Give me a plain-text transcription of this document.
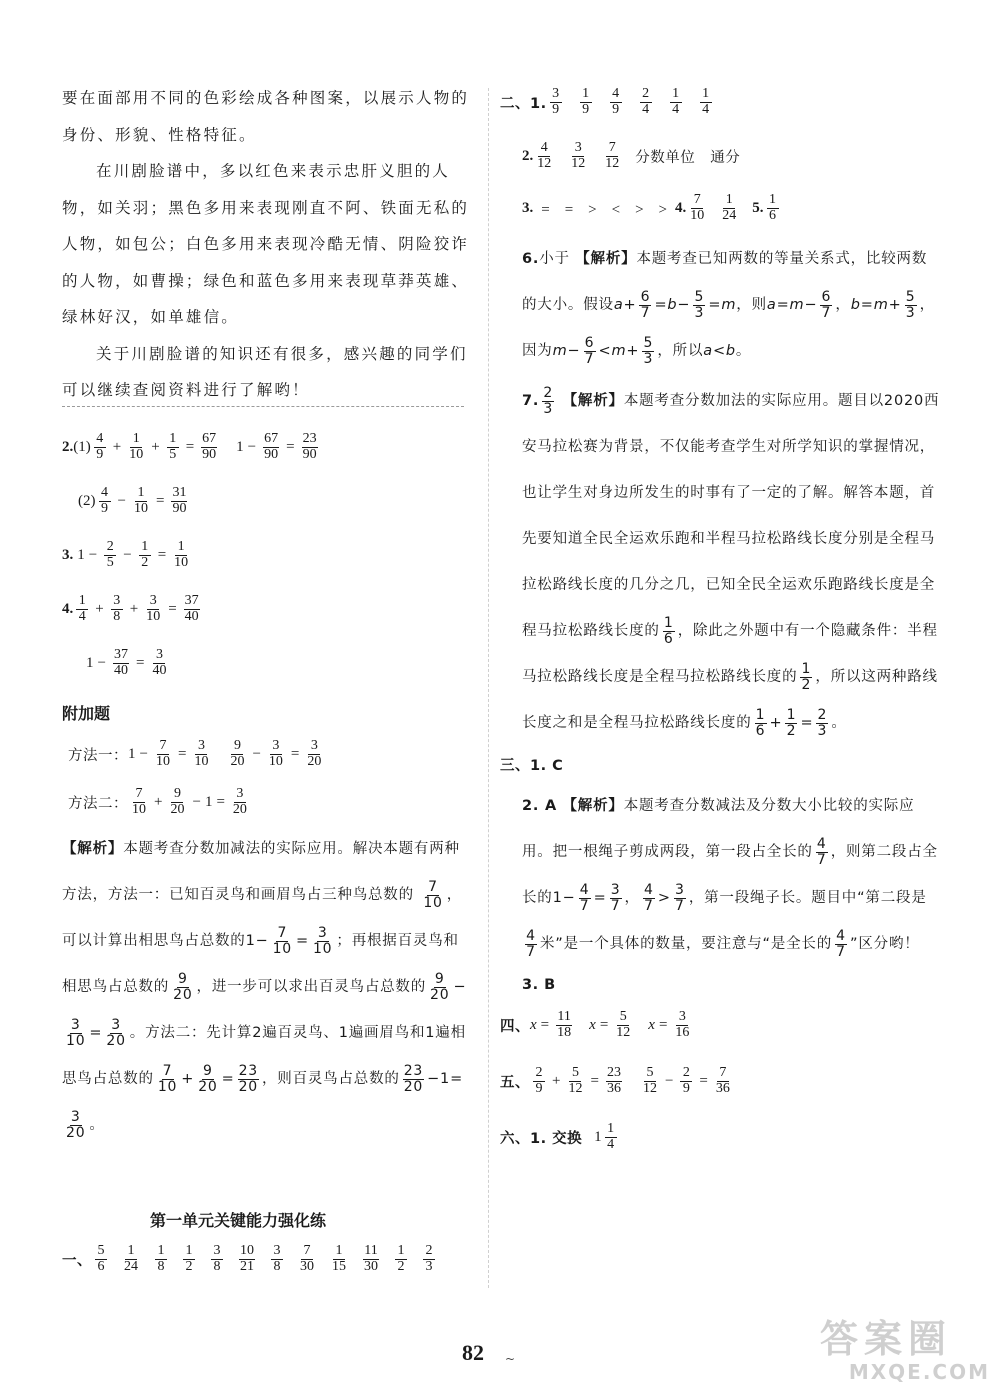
要在面部用不同的色彩绘成各种图案，以展示人物的身份、形貌、性格特征。

在川剧脸谱中，多以红色来表示忠肝义胆的人物，如关羽；黑色多用来表现刚直不阿、铁面无私的人物，如包公；白色多用来表现冷酷无情、阴险狡诈的人物，如曹操；绿色和蓝色多用来表现草莽英雄、绿林好汉，如单雄信。

关于川剧脸谱的知识还有很多，感兴趣的同学们可以继续查阅资料进行了解哟！

2. $(1) \frac{4}{9} + \frac{1}{10} + \frac{1}{5} = \frac{67}{90} 1 - \frac{67}{90} = \frac{23}{90}$
$(2) \frac{4}{9} - \frac{1}{10} = \frac{31}{90}$
3. $1 - \frac{2}{5} - \frac{1}{2} = \frac{1}{10}$
4. $\frac{1}{4} + \frac{3}{8} + \frac{3}{10} = \frac{37}{40}$
$1 - \frac{37}{40} = \frac{3}{40}$
附加题
方法一： $1 - \frac{7}{10} = \frac{3}{10} \frac{9}{20} - \frac{3}{10} = \frac{3}{20}$
方法二： $\frac{7}{10} + \frac{9}{20} - 1 = \frac{3}{20}$
【解析】本题考查分数加减法的实际应用。解决本题有两种方法，方法一：已知百灵鸟和画眉鸟占三种鸟总数的 $\frac{7}{10}$ ，可以计算出相思鸟占总数的$1- \frac{7}{10} = \frac{3}{10}$ ；再根据百灵鸟和相思鸟占总数的 $\frac{9}{20}$ ，进一步可以求出百灵鸟占总数的 $\frac{9}{20}$ −
$\frac{3}{10} = \frac{3}{20}$ 。方法二：先计算2遍百灵鸟、1遍画眉鸟和1遍相思鸟占总数的 $\frac{7}{10} + \frac{9}{20} = \frac{23}{20}$ ，则百灵鸟占总数的 $\frac{23}{20} -1=$
$\frac{3}{20}$ 。
第一单元关键能力强化练
一、 $\frac{5}{6} \frac{1}{24} \frac{1}{8} \frac{1}{2} \frac{3}{8} \frac{10}{21} \frac{3}{8} \frac{7}{30} \frac{1}{15} \frac{11}{30} \frac{1}{2} \frac{2}{3}$
二、1. $\frac{3}{9} \frac{1}{9} \frac{4}{9} \frac{2}{4} \frac{1}{4} \frac{1}{4}$
2. $\frac{4}{12} \frac{3}{12} \frac{7}{12}$ 分数单位　通分
3. =　=　>　<　>　> 4. $\frac{7}{10} \frac{1}{24} 5$. $\frac{1}{6}$
6.小于 【解析】本题考查已知两数的等量关系式，比较两数的大小。假设$a+ \frac{6}{7} =b- \frac{5}{3} =m$，则$a=m- \frac{6}{7}$ ，$b=m+ \frac{5}{3}$ ，因为$m- \frac{6}{7} <m+ \frac{5}{3}$ ，所以a<b。
7. $\frac{2}{3}$ 【解析】本题考查分数加法的实际应用。题目以2020西安马拉松赛为背景，不仅能考查学生对所学知识的掌握情况，也让学生对身边所发生的时事有了一定的了解。解答本题，首先要知道全民全运欢乐跑和半程马拉松路线长度分别是全程马拉松路线长度的几分之几，已知全民全运欢乐跑路线长度是全程马拉松路线长度的 $\frac{1}{6}$ ，除此之外题中有一个隐藏条件：半程马拉松路线长度是全程马拉松路线长度的 $\frac{1}{2}$ ，所以这两种路线长度之和是全程马拉松路线长度的 $\frac{1}{6} + \frac{1}{2} = \frac{2}{3}$ 。
三、1. C
2. A 【解析】本题考查分数减法及分数大小比较的实际应用。把一根绳子剪成两段，第一段占全长的 $\frac{4}{7}$ ，则第二段占全长的$1- \frac{4}{7} = \frac{3}{7}$ ， $\frac{4}{7} > \frac{3}{7}$ ，第一段绳子长。题目中“第二段是
$\frac{4}{7}$ 米”是一个具体的数量，要注意与“是全长的 $\frac{4}{7}$ ”区分哟！
3. B
四、 $x = \frac{11}{18}$ $x = \frac{5}{12}$ $x = \frac{3}{16}$
五、 $\frac{2}{9} + \frac{5}{12} = \frac{23}{36} \frac{5}{12} - \frac{2}{9} = \frac{7}{36}$
六、1. 交换 $1 \frac{1}{4}$
82 ~	答案圈
MXQE.COM
